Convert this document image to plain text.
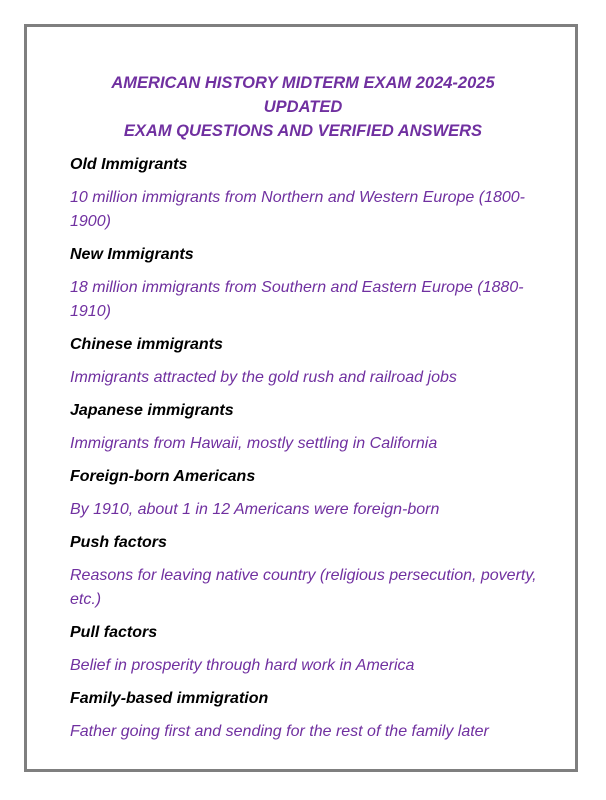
AMERICAN HISTORY MIDTERM EXAM 2024-2025 UPDATED
EXAM QUESTIONS AND VERIFIED ANSWERS
Old Immigrants
10 million immigrants from Northern and Western Europe (1800-1900)
New Immigrants
18 million immigrants from Southern and Eastern Europe (1880-1910)
Chinese immigrants
Immigrants attracted by the gold rush and railroad jobs
Japanese immigrants
Immigrants from Hawaii, mostly settling in California
Foreign-born Americans
By 1910, about 1 in 12 Americans were foreign-born
Push factors
Reasons for leaving native country (religious persecution, poverty, etc.)
Pull factors
Belief in prosperity through hard work in America
Family-based immigration
Father going first and sending for the rest of the family later
